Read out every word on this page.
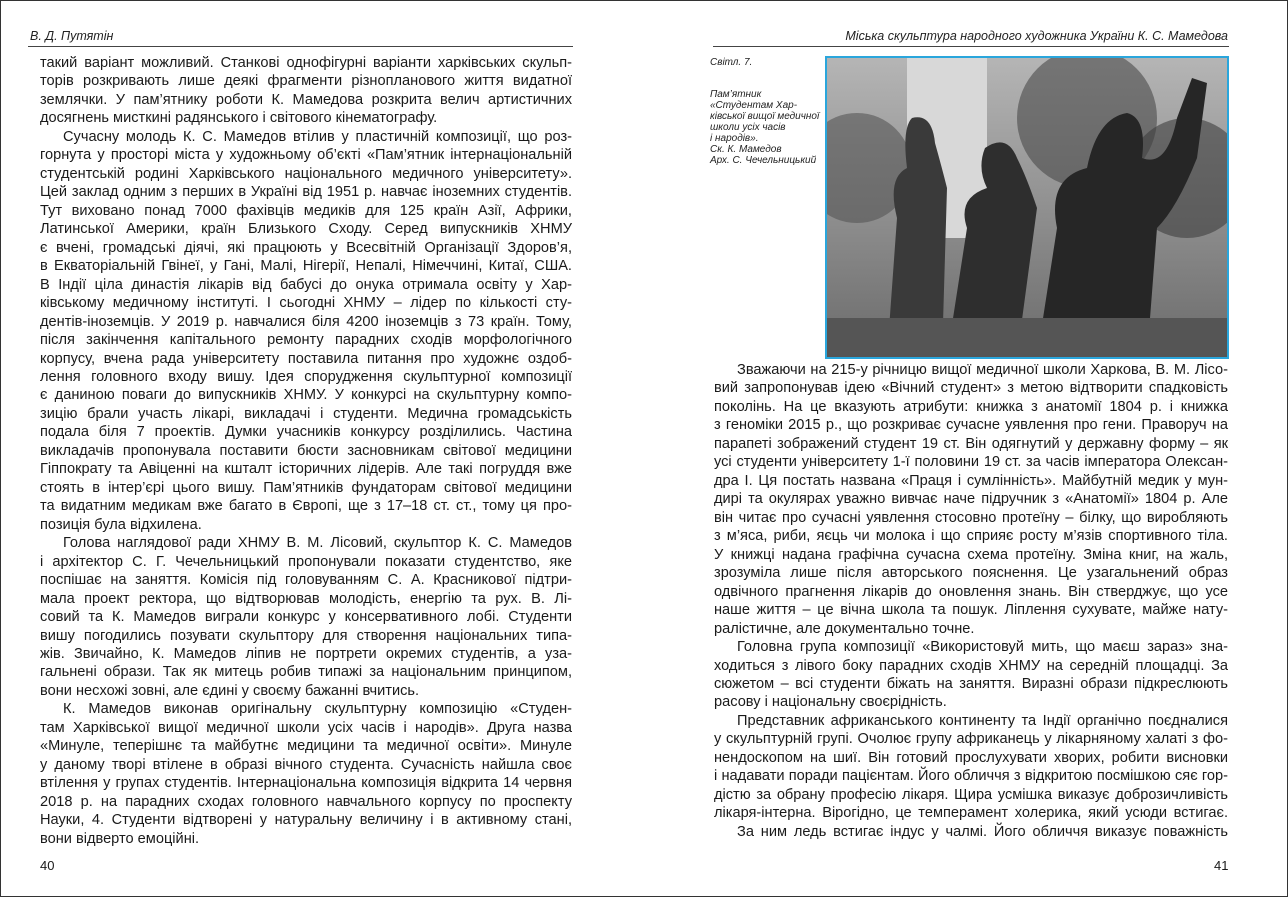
В. Д. Путятін	Міська скульптура народного художника України К. С. Мамедова
такий варіант можливий. Станкові однофігурні варіанти харківських скульп-
торів розкривають лише деякі фрагменти різнопланового життя видатної
землячки. У пам’ятнику роботи К. Мамедова розкрита велич артистичних
досягнень мисткині радянського і світового кінематографу.
Сучасну молодь К. С. Мамедов втілив у пластичній композиції, що роз-
горнута у просторі міста у художньому об’єкті «Пам’ятник інтернаціональній
студентській родині Харківського національного медичного університету».
Цей заклад одним з перших в Україні від 1951 р. навчає іноземних студентів.
Тут виховано понад 7000 фахівців медиків для 125 країн Азії, Африки,
Латинської Америки, країн Близького Сходу. Серед випускників ХНМУ
є вчені, громадські діячі, які працюють у Всесвітній Організації Здоров’я,
в Екваторіальній Гвінеї, у Гані, Малі, Нігерії, Непалі, Німеччині, Китаї, США.
В Індії ціла династія лікарів від бабусі до онука отримала освіту у Хар-
ківському медичному інституті. І сьогодні ХНМУ – лідер по кількості сту-
дентів-іноземців. У 2019 р. навчалися біля 4200 іноземців з 73 країн. Тому,
після закінчення капітального ремонту парадних сходів морфологічного
корпусу, вчена рада університету поставила питання про художнє оздоб-
лення головного входу вишу. Ідея спорудження скульптурної композиції
є даниною поваги до випускників ХНМУ. У конкурсі на скульптурну компо-
зицію брали участь лікарі, викладачі і студенти. Медична громадськість
подала біля 7 проектів. Думки учасників конкурсу розділились. Частина
викладачів пропонувала поставити бюсти засновникам світової медицини
Гіппократу та Авіценні на кшталт історичних лідерів. Але такі погруддя вже
стоять в інтер’єрі цього вишу. Пам’ятників фундаторам світової медицини
та видатним медикам вже багато в Європі, ще з 17–18 ст. ст., тому ця про-
позиція була відхилена.
Голова наглядової ради ХНМУ В. М. Лісовий, скульптор К. С. Мамедов
і архітектор С. Г. Чечельницький пропонували показати студентство, яке
поспішає на заняття. Комісія під головуванням С. А. Красникової підтри-
мала проект ректора, що відтворював молодість, енергію та рух. В. Лі-
совий та К. Мамедов виграли конкурс у консервативного лобі. Студенти
вишу погодились позувати скульптору для створення національних типа-
жів. Звичайно, К. Мамедов ліпив не портрети окремих студентів, а уза-
гальнені образи. Так як митець робив типажі за національним принципом,
вони несхожі зовні, але єдині у своєму бажанні вчитись.
К. Мамедов виконав оригінальну скульптурну композицію «Студен-
там Харківської вищої медичної школи усіх часів і народів». Друга назва
«Минуле, теперішнє та майбутнє медицини та медичної освіти». Минуле
у даному творі втілене в образі вічного студента. Сучасність найшла своє
втілення у групах студентів. Інтернаціональна композиція відкрита 14 червня
2018 р. на парадних сходах головного навчального корпусу по проспекту
Науки, 4. Студенти відтворені у натуральну величину і в активному стані,
вони відверто емоційні.
Зважаючи на 215-у річницю вищої медичної школи Харкова, В. М. Лісо-
вий запропонував ідею «Вічний студент» з метою відтворити спадковість
поколінь. На це вказують атрибути: книжка з анатомії 1804 р. і книжка
з геноміки 2015 р., що розкриває сучасне уявлення про гени. Праворуч на
парапеті зображений студент 19 ст. Він одягнутий у державну форму – як
усі студенти університету 1-ї половини 19 ст. за часів імператора Олексан-
дра І. Ця постать названа «Праця і сумлінність». Майбутній медик у мун-
дирі та окулярах уважно вивчає наче підручник з «Анатомії» 1804 р. Але
він читає про сучасні уявлення стосовно протеїну – білку, що виробляють
з м’яса, риби, яєць чи молока і що сприяє росту м’язів спортивного тіла.
У книжці надана графічна сучасна схема протеїну. Зміна книг, на жаль,
зрозуміла лише після авторського пояснення. Це узагальнений образ
одвічного прагнення лікарів до оновлення знань. Він стверджує, що усе
наше життя – це вічна школа та пошук. Ліплення сухувате, майже нату-
ралістичне, але документально точне.
Головна група композиції «Використовуй мить, що маєш зараз» зна-
ходиться з лівого боку парадних сходів ХНМУ на середній площадці. За
сюжетом – всі студенти біжать на заняття. Виразні образи підкреслюють
расову і національну своєрідність.
Представник африканського континенту та Індії органічно поєдналися
у скульптурній групі. Очолює групу африканець у лікарняному халаті з фо-
нендоскопом на шиї. Він готовий прослухувати хворих, робити висновки
і надавати поради пацієнтам. Його обличчя з відкритою посмішкою сяє гор-
дістю за обрану професію лікаря. Щира усмішка виказує доброзичливість
лікаря-інтерна. Вірогідно, це темперамент холерика, який усюди встигає.
За ним ледь встигає індус у чалмі. Його обличчя виказує поважність
Світл. 7.
Пам’ятник
«Студентам Хар-
ківської вищої медичної
школи усіх часів
і народів».
Ск. К. Мамедов
Арх. С. Чечельницький
40	41
